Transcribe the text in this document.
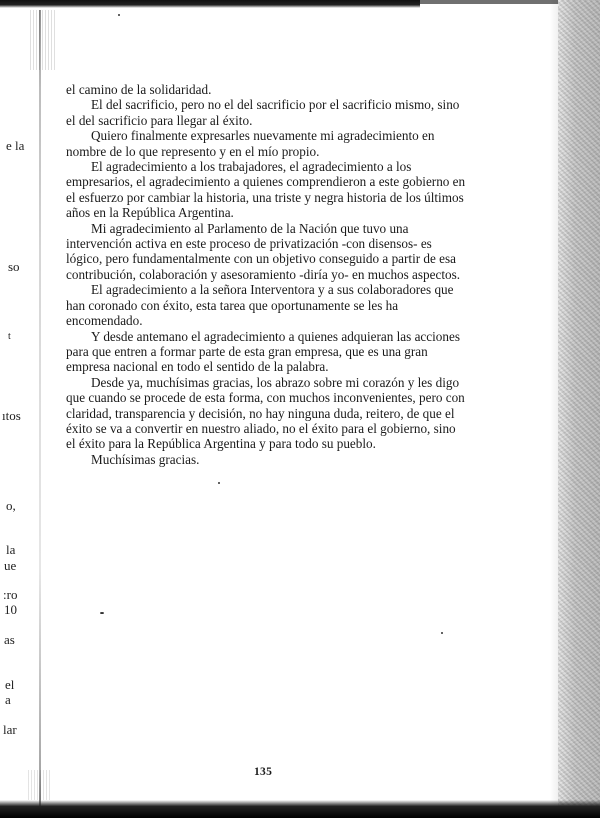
e la
so
t
ıtos
o,
la
ue
:ro
10
as
el
a
lar

el camino de la solidaridad.

El del sacrificio, pero no el del sacrificio por el sacrificio mismo, sino el del sacrificio para llegar al éxito.

Quiero finalmente expresarles nuevamente mi agradecimiento en nombre de lo que represento y en el mío propio.

El agradecimiento a los trabajadores, el agradecimiento a los empresarios, el agradecimiento a quienes comprendieron a este gobierno en el esfuerzo por cambiar la historia, una triste y negra historia de los últimos años en la República Argentina.

Mi agradecimiento al Parlamento de la Nación que tuvo una intervención activa en este proceso de privatización -con disensos- es lógico, pero fundamentalmente con un objetivo conseguido a partir de esa contribución, colaboración y asesoramiento -diría yo- en muchos aspectos.

El agradecimiento a la señora Interventora y a sus colaboradores que han coronado con éxito, esta tarea que oportunamente se les ha encomendado.

Y desde antemano el agradecimiento a quienes adquieran las acciones para que entren a formar parte de esta gran empresa, que es una gran empresa nacional en todo el sentido de la palabra.

Desde ya, muchísimas gracias, los abrazo sobre mi corazón y les digo que cuando se procede de esta forma, con muchos inconvenientes, pero con claridad, transparencia y decisión, no hay ninguna duda, reitero, de que el éxito se va a convertir en nuestro aliado, no el éxito para el gobierno, sino el éxito para la República Argentina y para todo su pueblo.

Muchísimas gracias.

135
